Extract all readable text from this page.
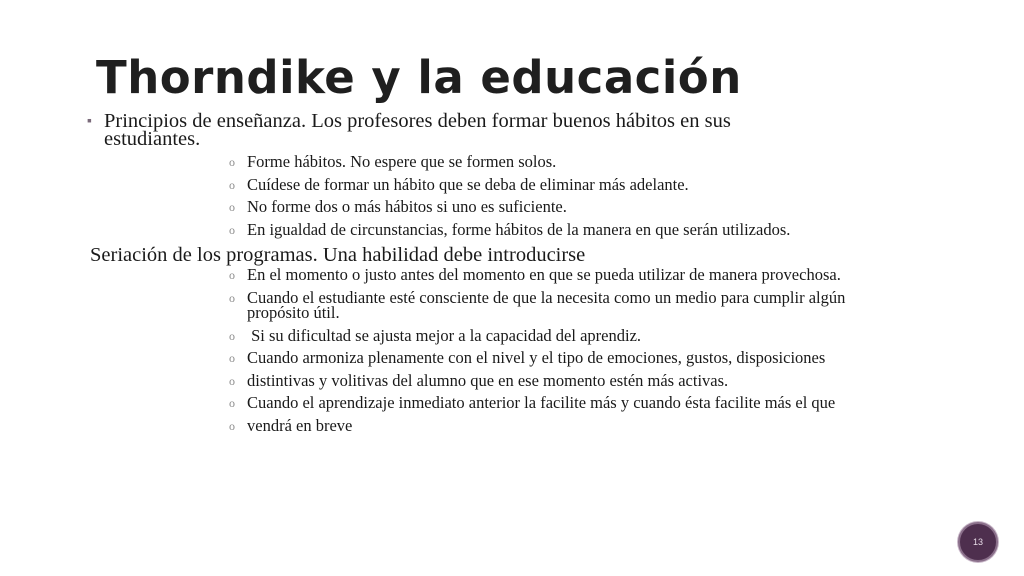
Thorndike y la educación
▪ Principios de enseñanza. Los profesores deben formar buenos hábitos en sus estudiantes.
o Forme hábitos. No espere que se formen solos.
o Cuídese de formar un hábito que se deba de eliminar más adelante.
o No forme dos o más hábitos si uno es suficiente.
o En igualdad de circunstancias, forme hábitos de la manera en que serán utilizados.
Seriación de los programas. Una habilidad debe introducirse
o En el momento o justo antes del momento en que se pueda utilizar de manera provechosa.
o Cuando el estudiante esté consciente de que la necesita como un medio para cumplir algún propósito útil.
o Si su dificultad se ajusta mejor a la capacidad del aprendiz.
o Cuando armoniza plenamente con el nivel y el tipo de emociones, gustos, disposiciones
o distintivas y volitivas del alumno que en ese momento estén más activas.
o Cuando el aprendizaje inmediato anterior la facilite más y cuando ésta facilite más el que
o vendrá en breve
13
